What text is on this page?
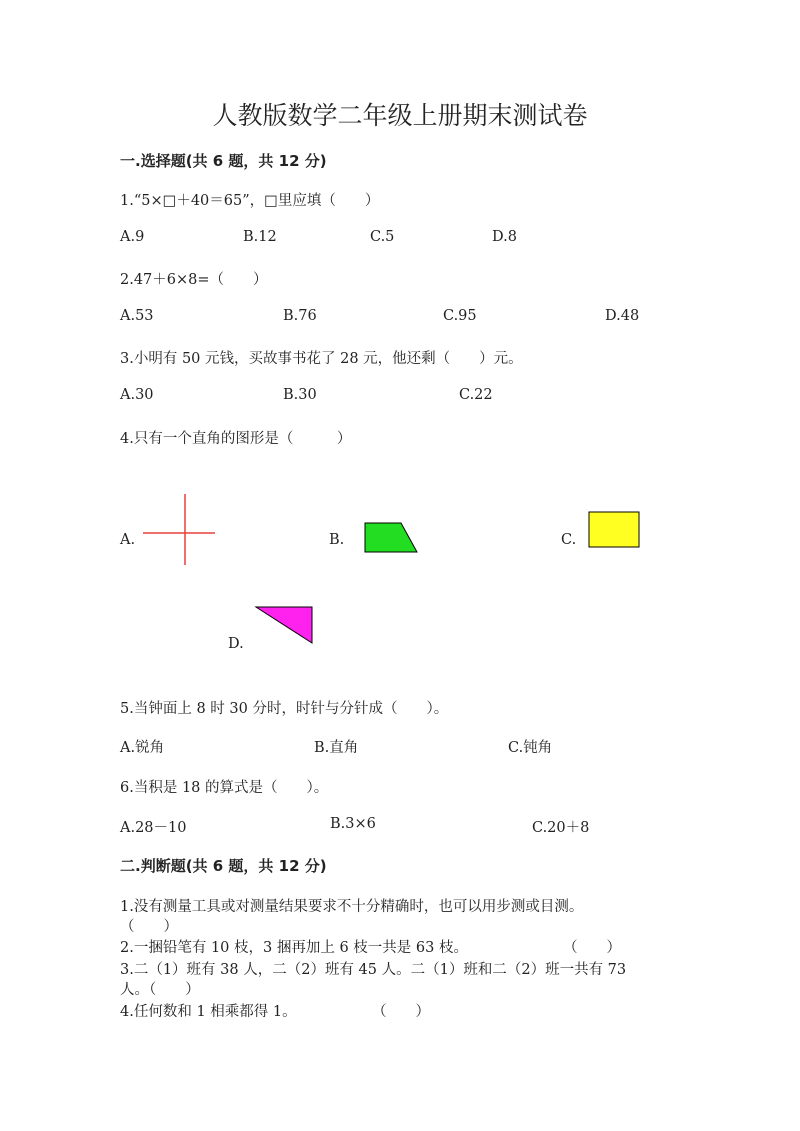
人教版数学二年级上册期末测试卷
一.选择题(共 6 题，共 12 分)
1.“5×□＋40＝65”，□里应填（　　）
A.9	B.12	C.5	D.8
2.47＋6×8=（　　）
A.53	B.76	C.95	D.48
3.小明有 50 元钱，买故事书花了 28 元，他还剩（　　）元。
A.30	B.30	C.22
4.只有一个直角的图形是（　　　）
A.	B.	C.
D.
5.当钟面上 8 时 30 分时，时针与分针成（　　）。
A.锐角	B.直角	C.钝角
6.当积是 18 的算式是（　　）。
A.28－10	B.3×6	C.20＋8
二.判断题(共 6 题，共 12 分)
1.没有测量工具或对测量结果要求不十分精确时，也可以用步测或目测。
（　　）
2.一捆铅笔有 10 枝，3 捆再加上 6 枝一共是 63 枝。	（　　）
3.二（1）班有 38 人，二（2）班有 45 人。二（1）班和二（2）班一共有 73
人。（　　）
4.任何数和 1 相乘都得 1。	（　　）
